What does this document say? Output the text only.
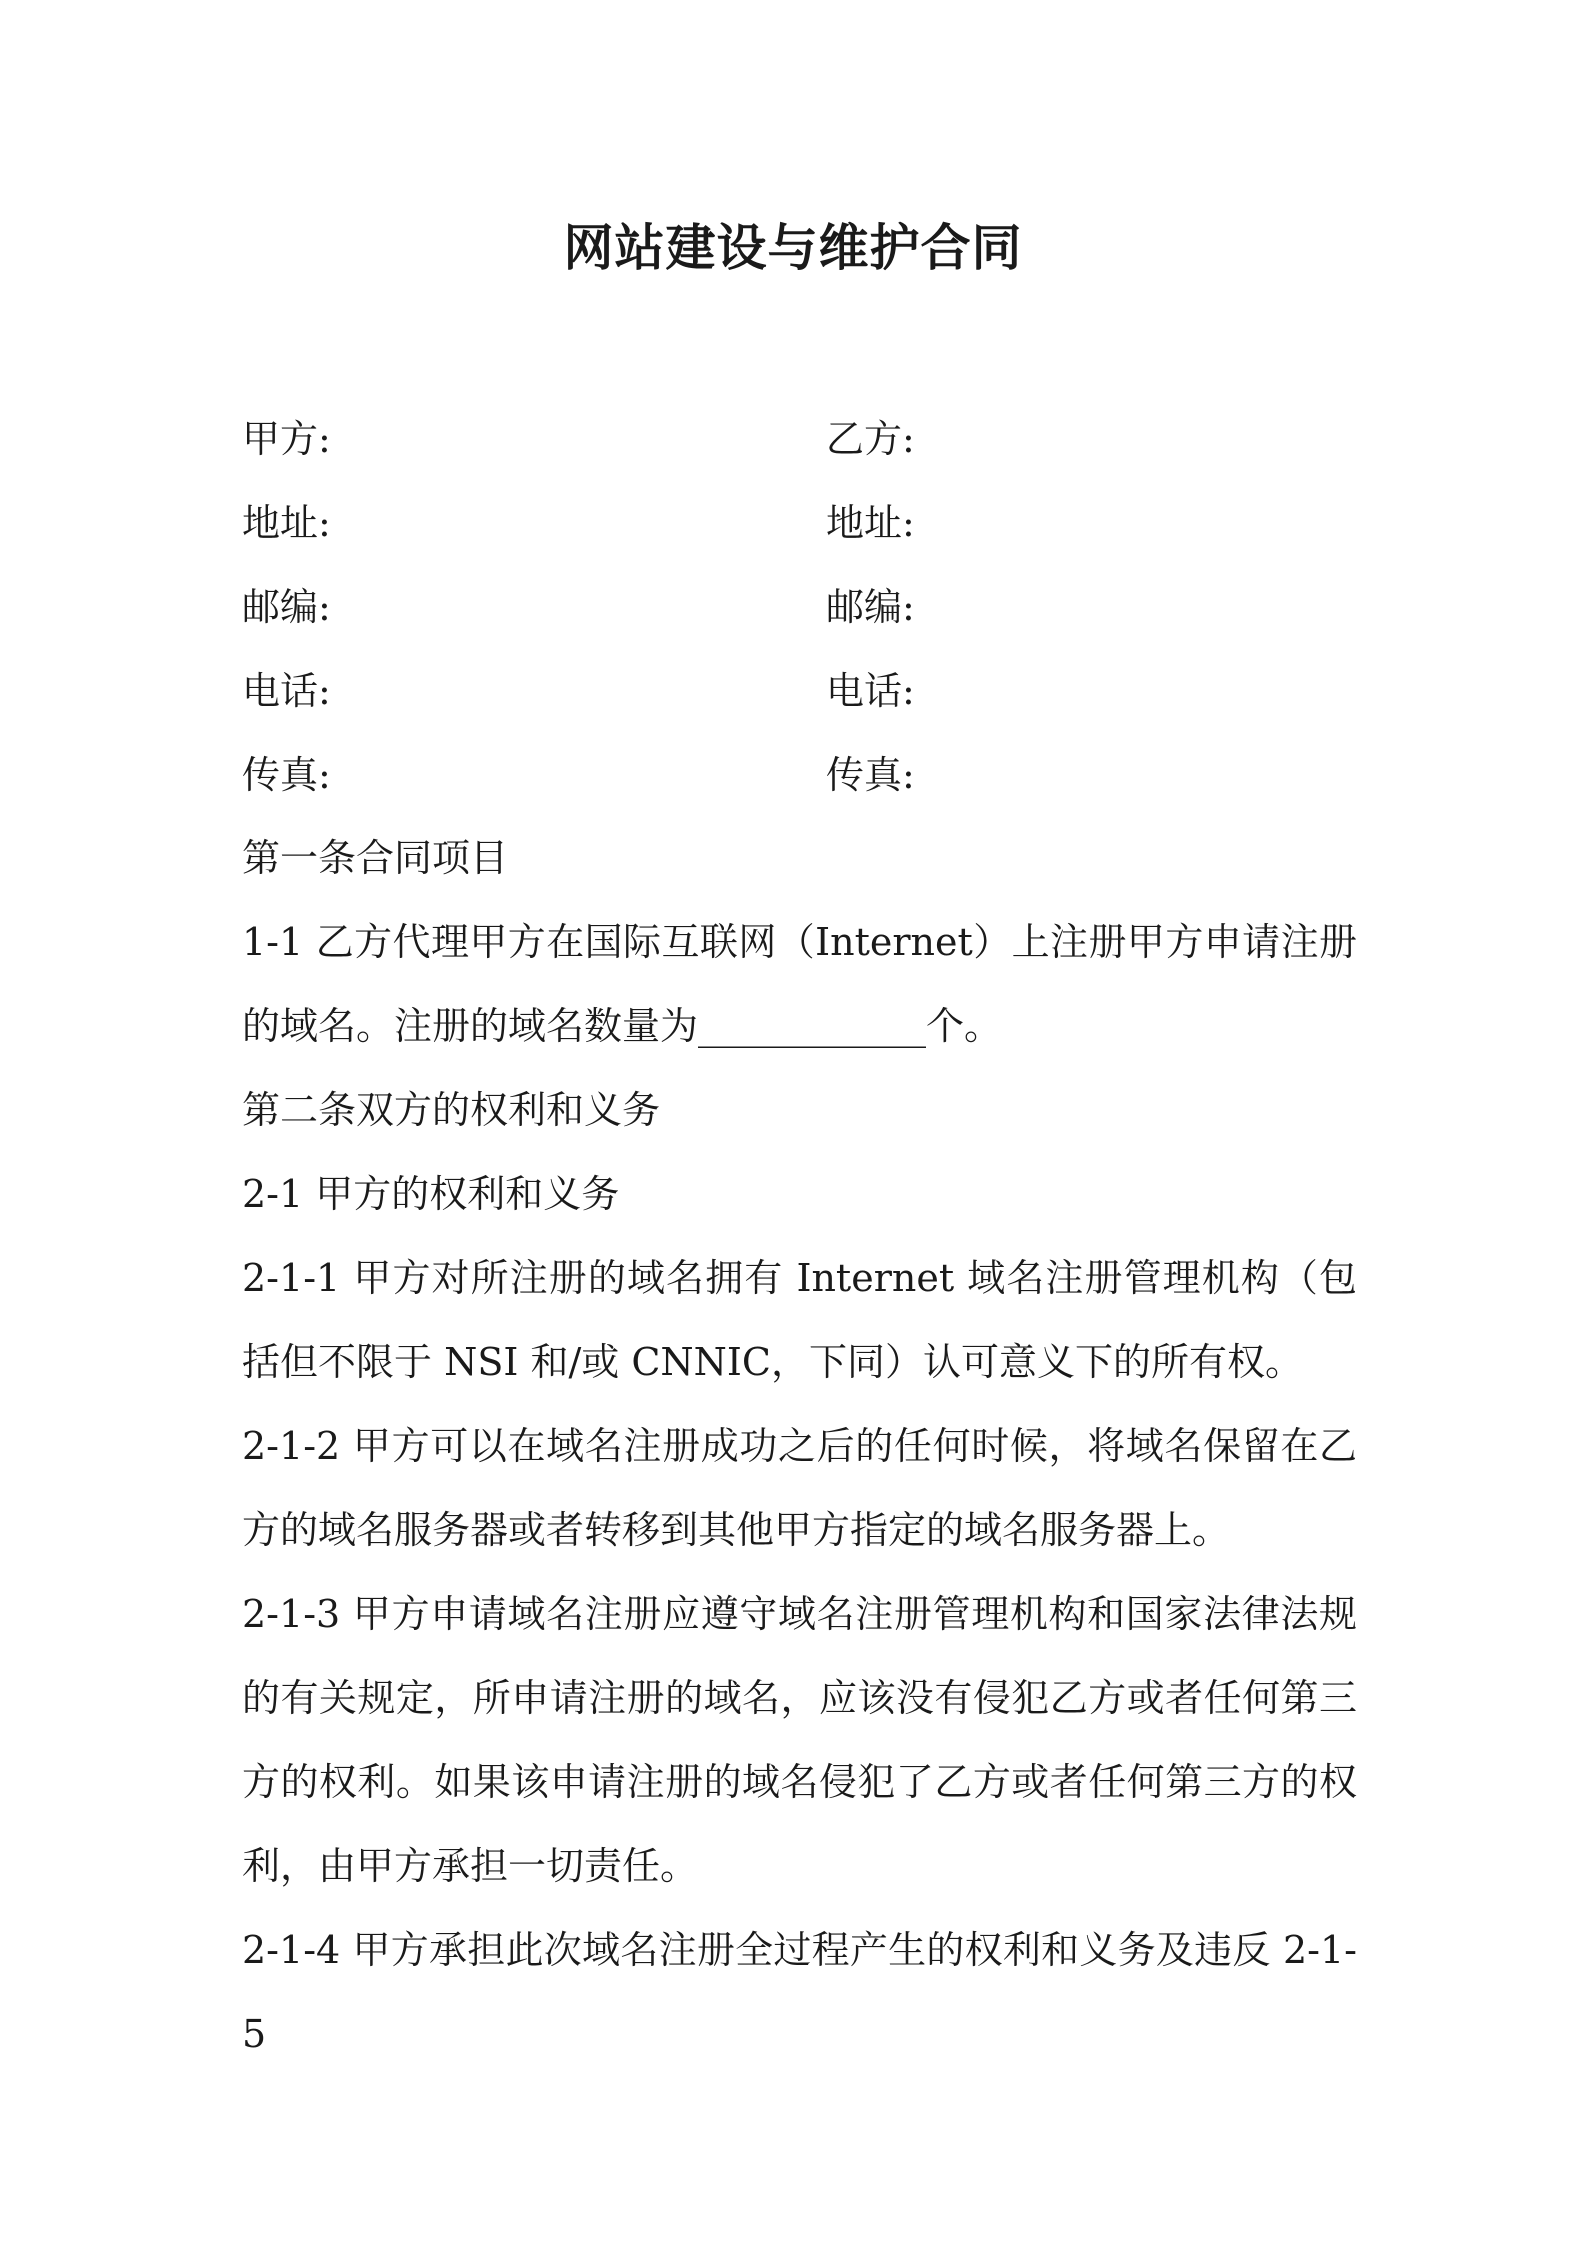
网站建设与维护合同
甲方:	乙方:
地址:	地址:
邮编:	邮编:
电话:	电话:
传真:	传真:

第一条合同项目

1-1 乙方代理甲方在国际互联网（Internet）上注册甲方申请注册的域名。注册的域名数量为____________个。

第二条双方的权利和义务

2-1 甲方的权利和义务

2-1-1 甲方对所注册的域名拥有 Internet 域名注册管理机构（包括但不限于 NSI 和/或 CNNIC，下同）认可意义下的所有权。

2-1-2 甲方可以在域名注册成功之后的任何时候，将域名保留在乙方的域名服务器或者转移到其他甲方指定的域名服务器上。

2-1-3 甲方申请域名注册应遵守域名注册管理机构和国家法律法规的有关规定，所申请注册的域名，应该没有侵犯乙方或者任何第三方的权利。如果该申请注册的域名侵犯了乙方或者任何第三方的权利，由甲方承担一切责任。

2-1-4 甲方承担此次域名注册全过程产生的权利和义务及违反 2-1-5
